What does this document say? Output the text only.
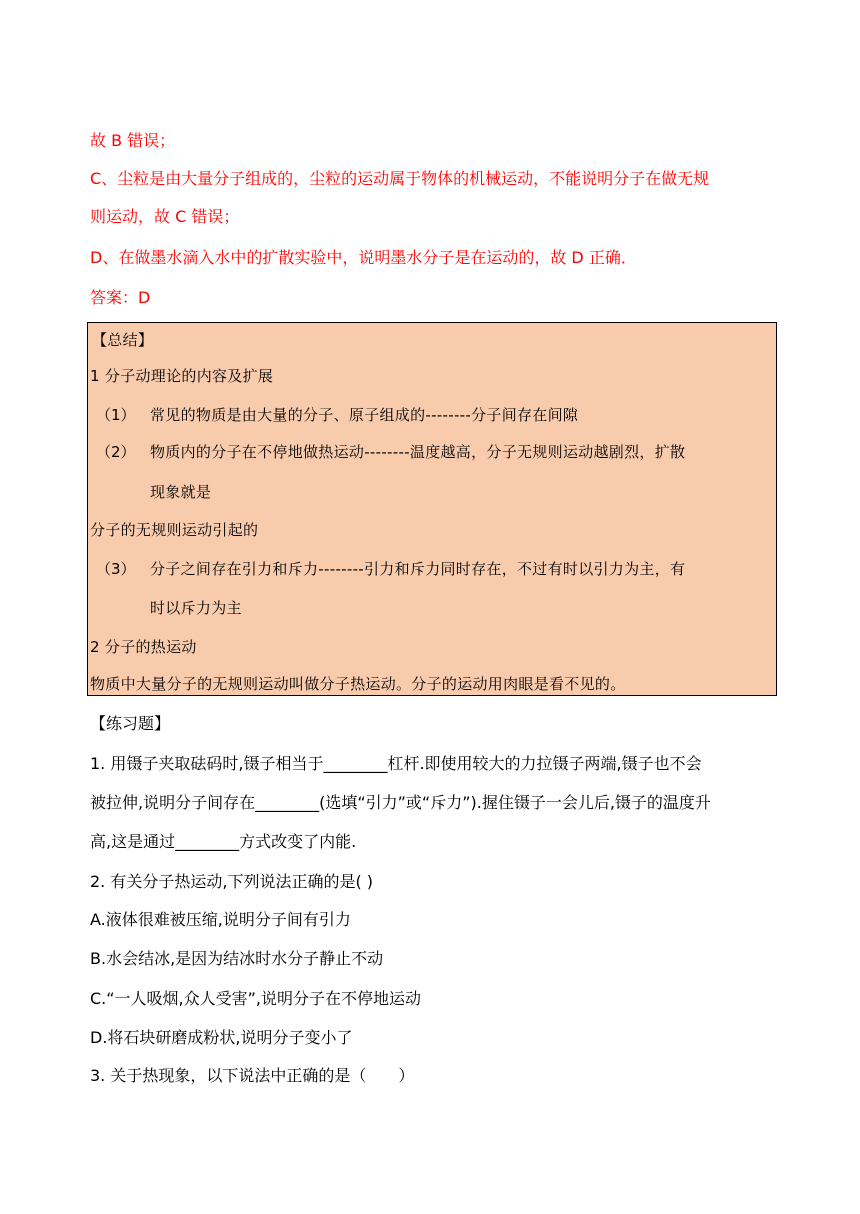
故 B 错误；
C、尘粒是由大量分子组成的，尘粒的运动属于物体的机械运动，不能说明分子在做无规
则运动，故 C 错误；
D、在做墨水滴入水中的扩散实验中，说明墨水分子是在运动的，故 D 正确．
答案：D
【总结】
1 分子动理论的内容及扩展
（1） 常见的物质是由大量的分子、原子组成的--------分子间存在间隙
（2） 物质内的分子在不停地做热运动--------温度越高，分子无规则运动越剧烈，扩散
现象就是
分子的无规则运动引起的
（3） 分子之间存在引力和斥力--------引力和斥力同时存在，不过有时以引力为主，有
时以斥力为主
2 分子的热运动
物质中大量分子的无规则运动叫做分子热运动。分子的运动用肉眼是看不见的。
【练习题】
1. 用镊子夹取砝码时,镊子相当于________杠杆.即使用较大的力拉镊子两端,镊子也不会
被拉伸,说明分子间存在________(选填“引力”或“斥力”).握住镊子一会儿后,镊子的温度升
高,这是通过________方式改变了内能.
2. 有关分子热运动,下列说法正确的是( )
A.液体很难被压缩,说明分子间有引力
B.水会结冰,是因为结冰时水分子静止不动
C.“一人吸烟,众人受害”,说明分子在不停地运动
D.将石块研磨成粉状,说明分子变小了
3. 关于热现象，以下说法中正确的是（　　）
